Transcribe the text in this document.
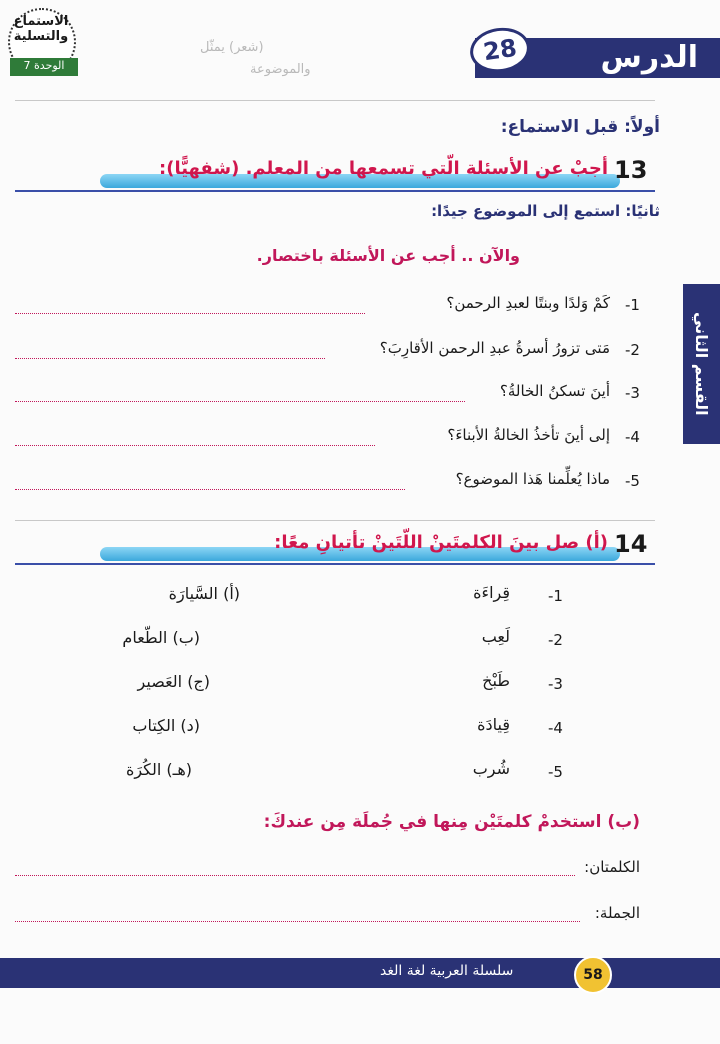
(شعر) يمثّل
والموضوعة
الاستماع والتسلية
الوحدة 7	الدرس
28
القسم الثاني
أولاً: قبل الاستماع:
13
أجبْ عن الأسئلة الّتي تسمعها من المعلم. (شفهيًّا):
ثانيًا: استمع إلى الموضوع جيدًا:
والآن .. أجب عن الأسئلة باختصار.
-1
كَمْ وَلدًا وبنتًا لعبدِ الرحمن؟
-2
مَتى تزورُ أسرةُ عبدِ الرحمن الأقارِبَ؟
-3
أينَ تسكنُ الخالةُ؟
-4
إلى أينَ تأخذُ الخالةُ الأبناءَ؟
-5
ماذا يُعلِّمنا هَذا الموضوع؟
14
(أ) صل بينَ الكلمتَينْ اللّتَينْ تأتيانِ معًا:
-1
قِراءَة
-2
لَعِب
-3
طَبْخ
-4
قِيادَة
-5
شُرب
(أ) السَّيارَة
(ب) الطّعام
(ج) العَصير
(د) الكِتاب
(هـ) الكُرَة
(ب) استخدمْ كلمتَيْن مِنها في جُملَة مِن عندكَ:
الكلمتان:
الجملة:
سلسلة العربية لغة الغد	58
